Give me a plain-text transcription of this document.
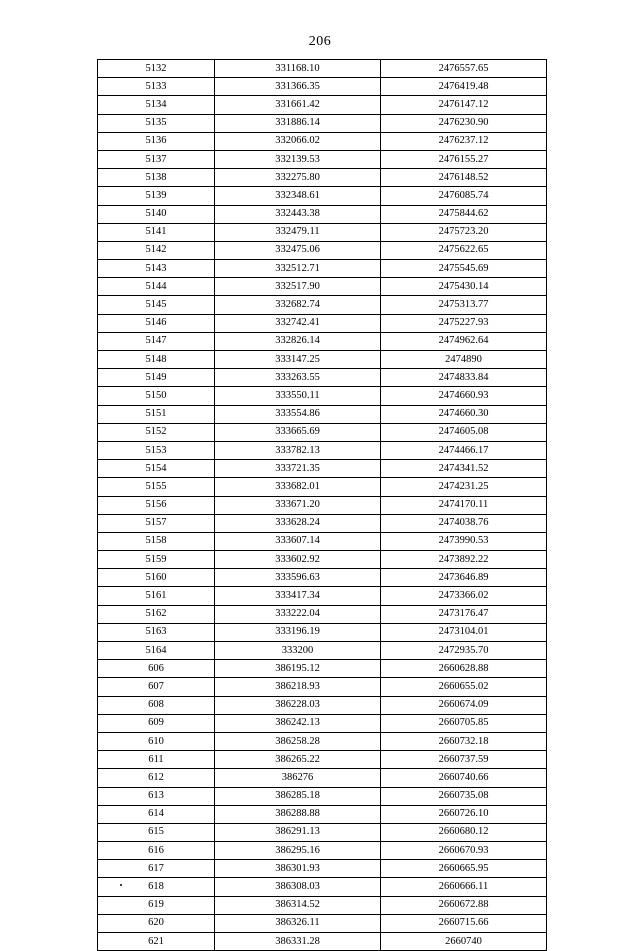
206
5132	331168.10	2476557.65
5133	331366.35	2476419.48
5134	331661.42	2476147.12
5135	331886.14	2476230.90
5136	332066.02	2476237.12
5137	332139.53	2476155.27
5138	332275.80	2476148.52
5139	332348.61	2476085.74
5140	332443.38	2475844.62
5141	332479.11	2475723.20
5142	332475.06	2475622.65
5143	332512.71	2475545.69
5144	332517.90	2475430.14
5145	332682.74	2475313.77
5146	332742.41	2475227.93
5147	332826.14	2474962.64
5148	333147.25	2474890
5149	333263.55	2474833.84
5150	333550.11	2474660.93
5151	333554.86	2474660.30
5152	333665.69	2474605.08
5153	333782.13	2474466.17
5154	333721.35	2474341.52
5155	333682.01	2474231.25
5156	333671.20	2474170.11
5157	333628.24	2474038.76
5158	333607.14	2473990.53
5159	333602.92	2473892.22
5160	333596.63	2473646.89
5161	333417.34	2473366.02
5162	333222.04	2473176.47
5163	333196.19	2473104.01
5164	333200	2472935.70
606	386195.12	2660628.88
607	386218.93	2660655.02
608	386228.03	2660674.09
609	386242.13	2660705.85
610	386258.28	2660732.18
611	386265.22	2660737.59
612	386276	2660740.66
613	386285.18	2660735.08
614	386288.88	2660726.10
615	386291.13	2660680.12
616	386295.16	2660670.93
617	386301.93	2660665.95
618	386308.03	2660666.11
619	386314.52	2660672.88
620	386326.11	2660715.66
621	386331.28	2660740
